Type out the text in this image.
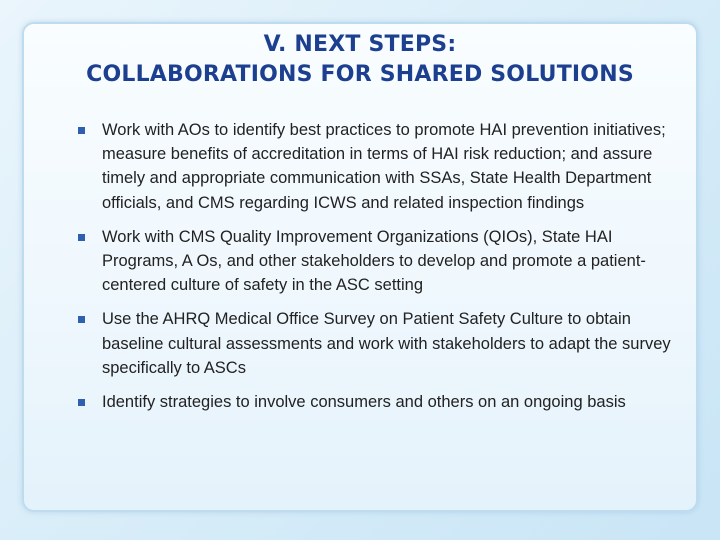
V. NEXT STEPS:
COLLABORATIONS FOR SHARED SOLUTIONS
Work with AOs to identify best practices to promote HAI prevention initiatives; measure benefits of accreditation in terms of HAI risk reduction; and assure timely and appropriate communication with SSAs, State Health Department officials, and CMS regarding ICWS and related inspection findings
Work with CMS Quality Improvement Organizations (QIOs), State HAI Programs, A Os, and other stakeholders to develop and promote a patient-centered culture of safety in the ASC setting
Use the AHRQ Medical Office Survey on Patient Safety Culture to obtain baseline cultural assessments and work with stakeholders to adapt the survey specifically to ASCs
Identify strategies to involve consumers and others on an ongoing basis
